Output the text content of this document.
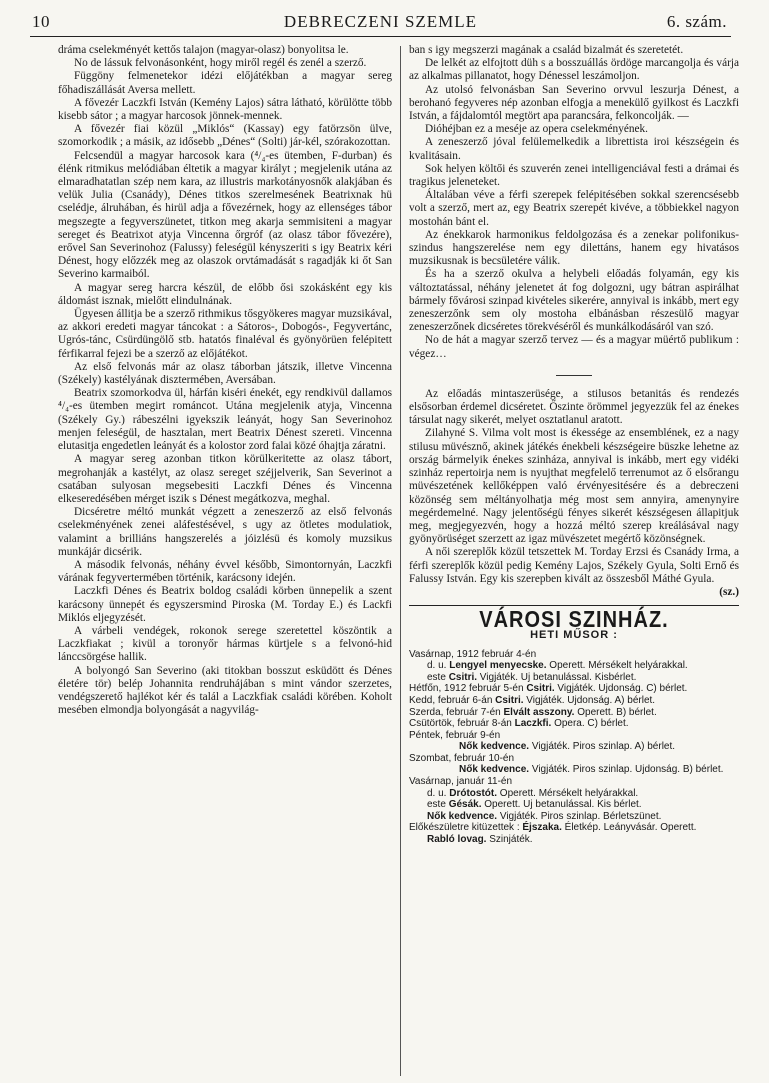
10	DEBRECZENI SZEMLE	6. szám.

dráma cselekményét kettős talajon (magyar-olasz) bonyolitsa le.

No de lássuk felvonásonként, hogy miről regél és zenél a szerző.

Függöny felmenetekor idézi előjátékban a magyar sereg főhadiszállását Aversa mellett.

A fővezér Laczkfi István (Kemény Lajos) sátra látható, körülötte több kisebb sátor ; a magyar harcosok jönnek-mennek.

A fővezér fiai közül „Miklós“ (Kassay) egy fatörzsön ülve, szomorkodik ; a másik, az idősebb „Dénes“ (Solti) jár-kél, szórakozottan.

Felcsendül a magyar harcosok kara (⁴/₄-es ütemben, F-durban) és élénk ritmikus melódiában éltetik a magyar királyt ; megjelenik utána az elmaradhatatlan szép nem kara, az illustris markotányosnők alakjában és velük Julia (Csanády), Dénes titkos szerelmesének Beatrixnak hü cselédje, álruhában, és hirül adja a fővezérnek, hogy az ellenséges tábor megszegte a fegyverszünetet, titkon meg akarja semmisiteni a magyar sereget és Beatrixot atyja Vincenna őrgróf (az olasz tábor fővezére), erővel San Severinohoz (Falussy) feleségül kényszeriti s igy Beatrix kéri Dénest, hogy előzzék meg az olaszok orvtámadását s ragadják ki őt San Severino karmaiból.

A magyar sereg harcra készül, de előbb ősi szokásként egy kis áldomást isznak, mielőtt elindulnának.

Ügyesen állitja be a szerző rithmikus tősgyökeres magyar muzsikával, az akkori eredeti magyar táncokat : a Sátoros-, Dobogós-, Fegyvertánc, Ugrós-tánc, Csürdüngölő stb. hatatós finaléval és gyönyörüen felépitett férfikarral fejezi be a szerző az előjátékot.

Az első felvonás már az olasz táborban játszik, illetve Vincenna (Székely) kastélyának disztermében, Aversában.

Beatrix szomorkodva ül, hárfán kiséri énekét, egy rendkivül dallamos ⁴/₄-es ütemben megirt románcot. Utána megjelenik atyja, Vincenna (Székely Gy.) rábeszélni igyekszik leányát, hogy San Severinohoz menjen feleségül, de hasztalan, mert Beatrix Dénest szereti. Vincenna elutasitja engedetlen leányát és a kolostor zord falai közé óhajtja záratni.

A magyar sereg azonban titkon körülkeritette az olasz tábort, megrohanják a kastélyt, az olasz sereget széjjelverik, San Severinot a csatában sulyosan megsebesiti Laczkfi Dénes és Vincenna elkeseredésében mérget iszik s Dénest megátkozva, meghal.

Dicséretre méltó munkát végzett a zeneszerző az első felvonás cselekményének zenei aláfestésével, s ugy az ötletes modulatiok, valamint a brilliáns hangszerelés a jóizlésü és komoly muzsikus munkájár dicsérik.

A második felvonás, néhány évvel később, Simontornyán, Laczkfi várának fegyvertermében történik, karácsony idején.

Laczkfi Dénes és Beatrix boldog családi körben ünnepelik a szent karácsony ünnepét és egyszersmind Piroska (M. Torday E.) és Lackfi Miklós eljegyzését.

A várbeli vendégek, rokonok serege szeretettel köszöntik a Laczkfiakat ; kivül a toronyőr hármas kürtjele s a felvonó-hid lánccsörgése hallik.

A bolyongó San Severino (aki titokban bosszut esküdött és Dénes életére tör) belép Johannita rendruhájában s mint vándor szerzetes, vendégszerető hajlékot kér és talál a Laczkfiak családi körében. Koholt mesében elmondja bolyongását a nagyvilág-

ban s igy megszerzi magának a család bizalmát és szeretetét.

De lelkét az elfojtott düh s a bosszuállás ördöge marcangolja és várja az alkalmas pillanatot, hogy Dénessel leszámoljon.

Az utolsó felvonásban San Severino orvvul leszurja Dénest, a berohanó fegyveres nép azonban elfogja a menekülő gyilkost és Laczkfi István, a fájdalomtól megtört apa parancsára, felkoncolják. —

Dióhéjban ez a meséje az opera cselekményének.

A zeneszerző jóval felülemelkedik a librettista iroi készségein és kvalitásain.

Sok helyen költői és szuverén zenei intelligenciával festi a drámai és tragikus jeleneteket.

Általában véve a férfi szerepek felépitésében sokkal szerencsésebb volt a szerző, mert az, egy Beatrix szerepét kivéve, a többiekkel nagyon mostohán bánt el.

Az énekkarok harmonikus feldolgozása és a zenekar polifonikus-szindus hangszerelése nem egy dilettáns, hanem egy hivatásos muzsikusnak is becsületére válik.

És ha a szerző okulva a helybeli előadás folyamán, egy kis változtatással, néhány jelenetet át fog dolgozni, ugy bátran aspirálhat bármely fővárosi szinpad kivételes sikerére, annyival is inkább, mert egy zeneszerzőnk sem oly mostoha elbánásban részesülő magyar zeneszerzőnek dicséretes törekvéséről és munkálkodásáról van szó.

No de hát a magyar szerző tervez — és a magyar müértő publikum : végez…

Az előadás mintaszerüsége, a stilusos betanitás és rendezés elsősorban érdemel dicséretet. Őszinte örömmel jegyezzük fel az énekes társulat nagy sikerét, melyet osztatlanul aratott.

Zilahyné S. Vilma volt most is ékessége az ensemblének, ez a nagy stilusu müvésznő, akinek játékés énekbeli készségeire büszke lehetne az ország bármelyik énekes szinháza, annyival is inkább, mert egy vidéki szinház repertoirja nem is nyujthat megfelelő terrenumot az ő elsőrangu müvészetének kellőképpen való érvényesitésére és a debreczeni közönség sem méltányolhatja még most sem annyira, amenynyire megérdemelné. Nagy jelentőségü fényes sikerét készségesen állapitjuk meg, megjegyezvén, hogy a hozzá méltó szerep kreálásával nagy gyönyörüséget szerzett az igaz müvészetet megértő közönségnek.

A női szereplők közül tetszettek M. Torday Erzsi és Csanády Irma, a férfi szereplők közül pedig Kemény Lajos, Székely Gyula, Solti Ernő és Falussy István. Egy kis szerepben kivált az összesből Máthé Gyula.

(sz.)
VÁROSI SZINHÁZ.
HETI MŰSOR :
Vasárnap, 1912 február 4-én
d. u. Lengyel menyecske. Operett. Mérsékelt helyárakkal.
este Csitri. Vigjáték. Uj betanulással. Kisbérlet.
Hétfőn, 1912 február 5-én Csitri. Vigjáték. Ujdonság. C) bérlet.
Kedd, február 6-án Csitri. Vigjáték. Ujdonság. A) bérlet.
Szerda, február 7-én Elvált asszony. Operett. B) bérlet.
Csütörtök, február 8-án Laczkfi. Opera. C) bérlet.
Péntek, február 9-én
Nők kedvence. Vigjáték. Piros szinlap. A) bérlet.
Szombat, február 10-én
Nők kedvence. Vigjáték. Piros szinlap. Ujdonság. B) bérlet.
Vasárnap, január 11-én
d. u. Drótostót. Operett. Mérsékelt helyárakkal.
este Gésák. Operett. Uj betanulással. Kis bérlet.
Nők kedvence. Vigjáték. Piros szinlap. Bérletszünet.
Előkészületre kitüzettek : Éjszaka. Életkép. Leányvásár. Operett.
Rabló lovag. Szinjáték.
